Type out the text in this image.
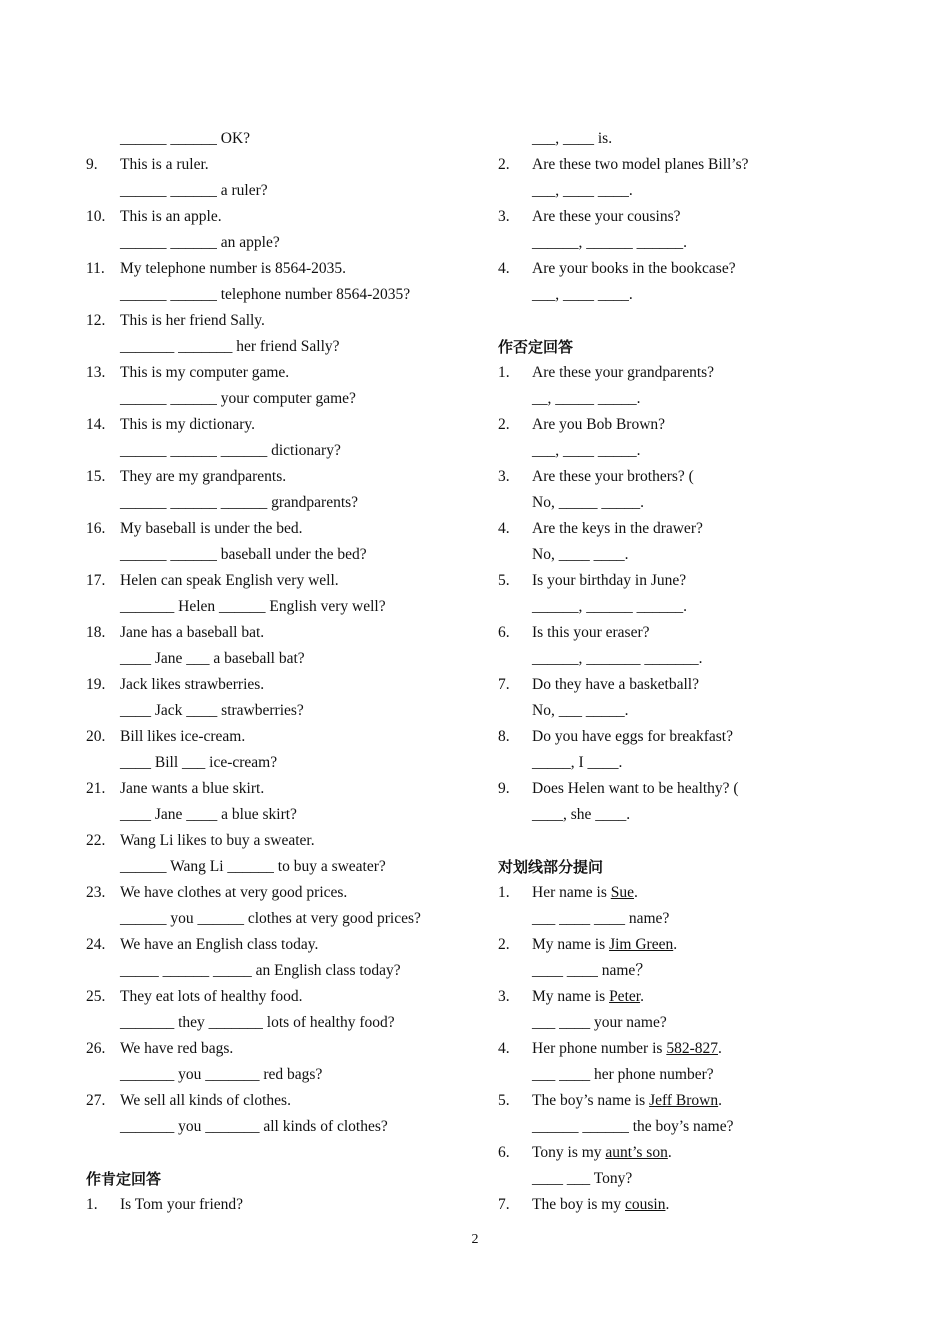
______ ______ OK?
9. This is a ruler.
______ ______ a ruler?
10. This is an apple.
______ ______ an apple?
11. My telephone number is 8564-2035.
______ ______ telephone number 8564-2035?
12. This is her friend Sally.
_______ _______ her friend Sally?
13. This is my computer game.
______ ______ your computer game?
14. This is my dictionary.
______ ______ ______ dictionary?
15. They are my grandparents.
______ ______ ______ grandparents?
16. My baseball is under the bed.
______ ______ baseball under the bed?
17. Helen can speak English very well.
_______ Helen ______ English very well?
18. Jane has a baseball bat.
____ Jane ___ a baseball bat?
19. Jack likes strawberries.
____ Jack ____ strawberries?
20. Bill likes ice-cream.
____ Bill ___ ice-cream?
21. Jane wants a blue skirt.
____ Jane ____ a blue skirt?
22. Wang Li likes to buy a sweater.
______ Wang Li ______ to buy a sweater?
23. We have clothes at very good prices.
______ you ______ clothes at very good prices?
24. We have an English class today.
_____ ______ _____ an English class today?
25. They eat lots of healthy food.
_______ they _______ lots of healthy food?
26. We have red bags.
_______ you _______ red bags?
27. We sell all kinds of clothes.
_______ you _______ all kinds of clothes?
作肯定回答
1. Is Tom your friend?
___, ____ is.
2. Are these two model planes Bill’s?
___, ____ ____.
3. Are these your cousins?
______, ______ ______.
4. Are your books in the bookcase?
___, ____ ____.
作否定回答
1. Are these your grandparents?
__, _____ _____.
2. Are you Bob Brown?
___, ____ _____.
3. Are these your brothers? (
No, _____ _____.
4. Are the keys in the drawer?
No, ____ ____.
5. Is your birthday in June?
______, ______ ______.
6. Is this your eraser?
______, _______ _______.
7. Do they have a basketball?
No, ___ _____.
8. Do you have eggs for breakfast?
_____, I ____.
9. Does Helen want to be healthy? (
____, she ____.
对划线部分提问
1. Her name is Sue.
___ ____ ____ name?
2. My name is Jim Green.
____ ____ name？
3. My name is Peter.
___ ____ your name?
4. Her phone number is 582-827.
___ ____ her phone number?
5. The boy’s name is Jeff Brown.
______ ______ the boy’s name?
6. Tony is my aunt’s son.
____ ___ Tony?
7. The boy is my cousin.
2
